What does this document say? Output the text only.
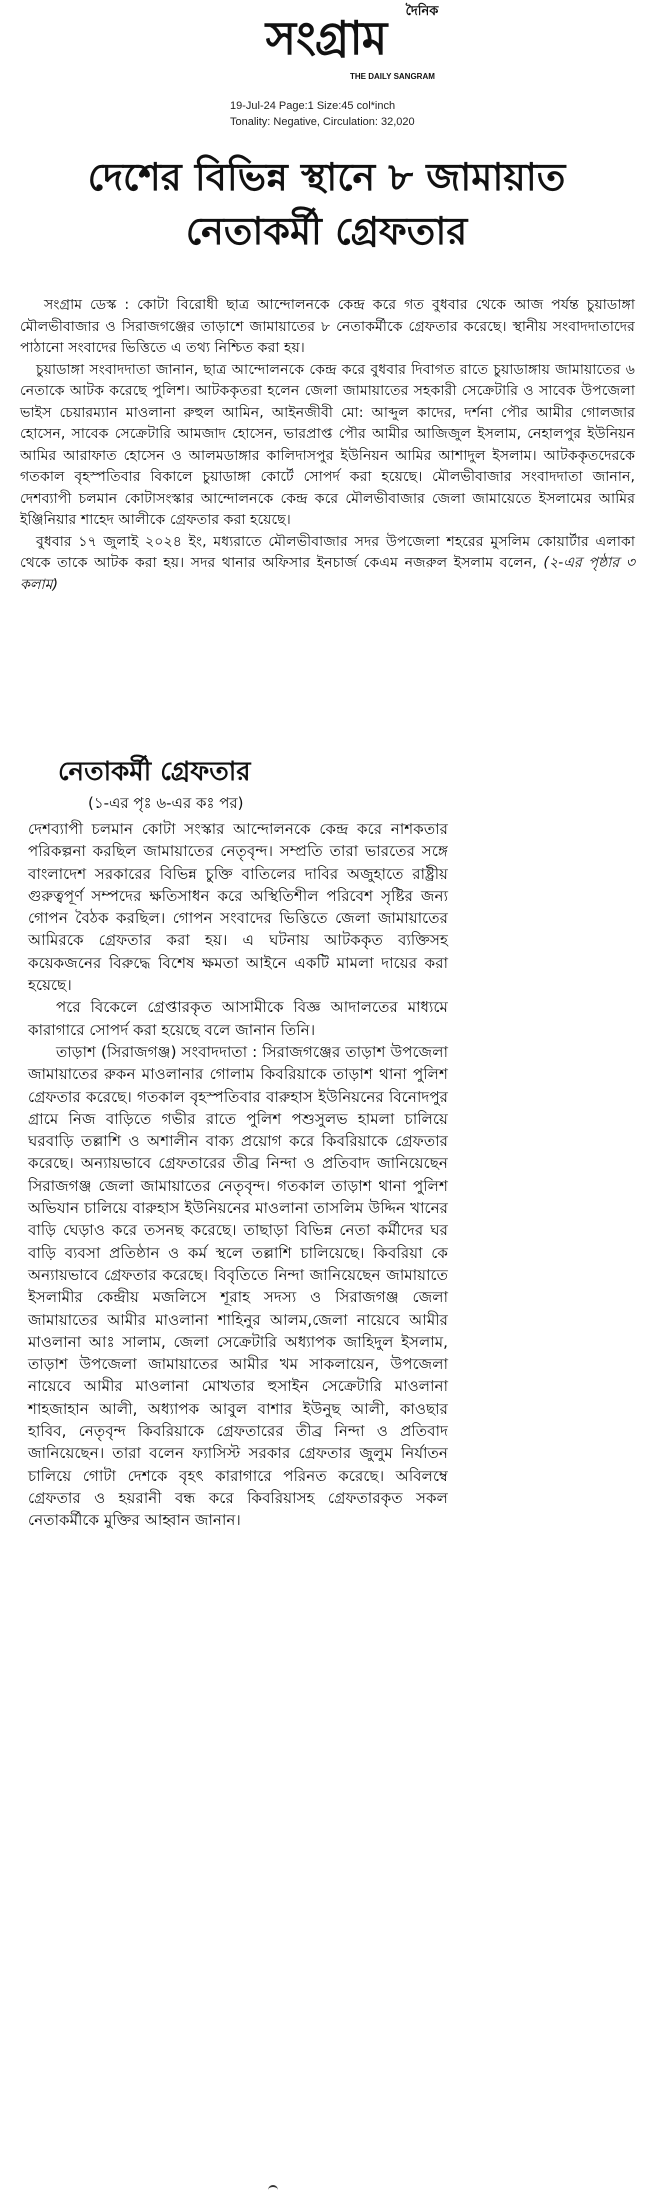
দৈনিক
সংগ্রাম
THE DAILY SANGRAM
19-Jul-24 Page:1 Size:45 col*inch
Tonality: Negative, Circulation: 32,020
দেশের বিভিন্ন স্থানে ৮ জামায়াত
নেতাকর্মী গ্রেফতার

সংগ্রাম ডেস্ক : কোটা বিরোধী ছাত্র আন্দোলনকে কেন্দ্র করে গত বুধবার থেকে আজ পর্যন্ত চুয়াডাঙ্গা মৌলভীবাজার ও সিরাজগঞ্জের তাড়াশে জামায়াতের ৮ নেতাকর্মীকে গ্রেফতার করেছে। স্থানীয় সংবাদদাতাদের পাঠানো সংবাদের ভিত্তিতে এ তথ্য নিশ্চিত করা হয়।

চুয়াডাঙ্গা সংবাদদাতা জানান, ছাত্র আন্দোলনকে কেন্দ্র করে বুধবার দিবাগত রাতে চুয়াডাঙ্গায় জামায়াতের ৬ নেতাকে আটক করেছে পুলিশ। আটককৃতরা হলেন জেলা জামায়াতের সহকারী সেক্রেটারি ও সাবেক উপজেলা ভাইস চেয়ারম্যান মাওলানা রুহুল আমিন, আইনজীবী মো: আব্দুল কাদের, দর্শনা পৌর আমীর গোলজার হোসেন, সাবেক সেক্রেটারি আমজাদ হোসেন, ভারপ্রাপ্ত পৌর আমীর আজিজুল ইসলাম, নেহালপুর ইউনিয়ন আমির আরাফাত হোসেন ও আলমডাঙ্গার কালিদাসপুর ইউনিয়ন আমির আশাদুল ইসলাম। আটককৃতদেরকে গতকাল বৃহস্পতিবার বিকালে চুয়াডাঙ্গা কোর্টে সোপর্দ করা হয়েছে। মৌলভীবাজার সংবাদদাতা জানান, দেশব্যাপী চলমান কোটাসংস্কার আন্দোলনকে কেন্দ্র করে মৌলভীবাজার জেলা জামায়েতে ইসলামের আমির ইঞ্জিনিয়ার শাহেদ আলীকে গ্রেফতার করা হয়েছে।

বুধবার ১৭ জুলাই ২০২৪ ইং, মধ্যরাতে মৌলভীবাজার সদর উপজেলা শহরের মুসলিম কোয়ার্টার এলাকা থেকে তাকে আটক করা হয়। সদর থানার অফিসার ইনচার্জ কেএম নজরুল ইসলাম বলেন, (২-এর পৃষ্ঠার ৩ কলাম)

নেতাকর্মী গ্রেফতার
(১-এর পৃঃ ৬-এর কঃ পর)

দেশব্যাপী চলমান কোটা সংস্কার আন্দোলনকে কেন্দ্র করে নাশকতার পরিকল্পনা করছিল জামায়াতের নেতৃবৃন্দ। সম্প্রতি তারা ভারতের সঙ্গে বাংলাদেশ সরকারের বিভিন্ন চুক্তি বাতিলের দাবির অজুহাতে রাষ্ট্রীয় গুরুত্বপূর্ণ সম্পদের ক্ষতিসাধন করে অস্থিতিশীল পরিবেশ সৃষ্টির জন্য গোপন বৈঠক করছিল। গোপন সংবাদের ভিত্তিতে জেলা জামায়াতের আমিরকে গ্রেফতার করা হয়। এ ঘটনায় আটককৃত ব্যক্তিসহ কয়েকজনের বিরুদ্ধে বিশেষ ক্ষমতা আইনে একটি মামলা দায়ের করা হয়েছে।

পরে বিকেলে গ্রেপ্তারকৃত আসামীকে বিজ্ঞ আদালতের মাধ্যমে কারাগারে সোপর্দ করা হয়েছে বলে জানান তিনি।

তাড়াশ (সিরাজগঞ্জ) সংবাদদাতা : সিরাজগঞ্জের তাড়াশ উপজেলা জামায়াতের রুকন মাওলানার গোলাম কিবরিয়াকে তাড়াশ থানা পুলিশ গ্রেফতার করেছে। গতকাল বৃহস্পতিবার বারুহাস ইউনিয়নের বিনোদপুর গ্রামে নিজ বাড়িতে গভীর রাতে পুলিশ পশুসুলভ হামলা চালিয়ে ঘরবাড়ি তল্লাশি ও অশালীন বাক্য প্রয়োগ করে কিবরিয়াকে গ্রেফতার করেছে। অন্যায়ভাবে গ্রেফতারের তীব্র নিন্দা ও প্রতিবাদ জানিয়েছেন সিরাজগঞ্জ জেলা জামায়াতের নেতৃবৃন্দ। গতকাল তাড়াশ থানা পুলিশ অভিযান চালিয়ে বারুহাস ইউনিয়নের মাওলানা তাসলিম উদ্দিন খানের বাড়ি ঘেড়াও করে তসনছ করেছে। তাছাড়া বিভিন্ন নেতা কর্মীদের ঘর বাড়ি ব্যবসা প্রতিষ্ঠান ও কর্ম স্থলে তল্লাশি চালিয়েছে। কিবরিয়া কে অন্যায়ভাবে গ্রেফতার করেছে। বিবৃতিতে নিন্দা জানিয়েছেন জামায়াতে ইসলামীর কেন্দ্রীয় মজলিসে শূরাহ সদস্য ও সিরাজগঞ্জ জেলা জামায়াতের আমীর মাওলানা শাহিনুর আলম,জেলা নায়েবে আমীর মাওলানা আঃ সালাম, জেলা সেক্রেটারি অধ্যাপক জাহিদুল ইসলাম, তাড়াশ উপজেলা জামায়াতের আমীর খম সাকলায়েন, উপজেলা নায়েবে আমীর মাওলানা মোখতার হুসাইন সেক্রেটারি মাওলানা শাহজাহান আলী, অধ্যাপক আবুল বাশার ইউনুছ আলী, কাওছার হাবিব, নেতৃবৃন্দ কিবরিয়াকে গ্রেফতারের তীব্র নিন্দা ও প্রতিবাদ জানিয়েছেন। তারা বলেন ফ্যাসিস্ট সরকার গ্রেফতার জুলুম নির্যাতন চালিয়ে গোটা দেশকে বৃহৎ কারাগারে পরিনত করেছে। অবিলম্বে গ্রেফতার ও হয়রানী বন্ধ করে কিবরিয়াসহ গ্রেফতারকৃত সকল নেতাকর্মীকে মুক্তির আহ্বান জানান।
